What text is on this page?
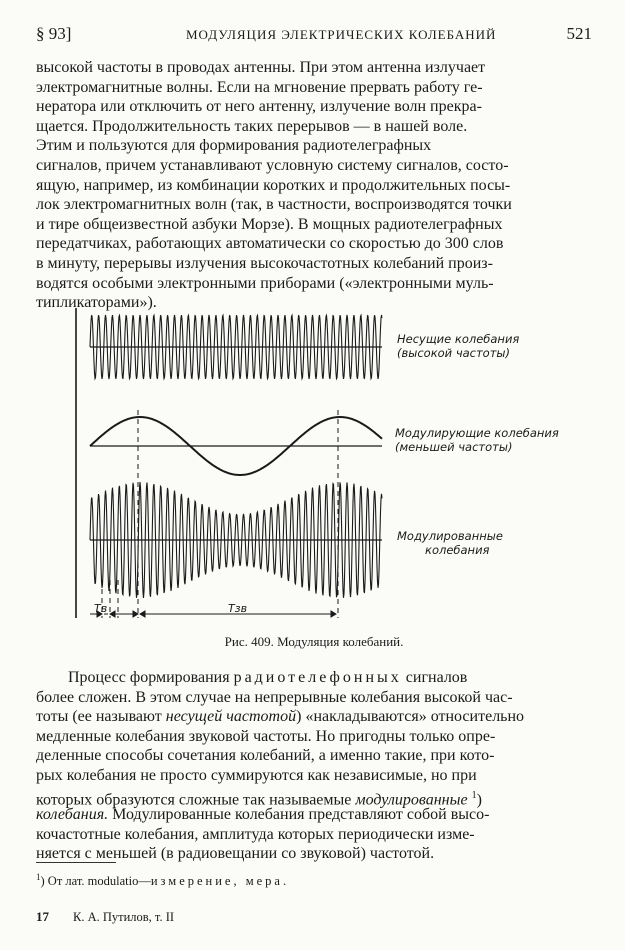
§ 93]	МОДУЛЯЦИЯ ЭЛЕКТРИЧЕСКИХ КОЛЕБАНИЙ	521
высокой частоты в проводах антенны. При этом антенна излучает
электромагнитные волны. Если на мгновение прервать работу ге-
нератора или отключить от него антенну, излучение волн прекра-
щается. Продолжительность таких перерывов — в нашей воле.
Этим и пользуются для формирования радиотелеграфных
сигналов, причем устанавливают условную систему сигналов, состо-
ящую, например, из комбинации коротких и продолжительных посы-
лок электромагнитных волн (так, в частности, воспроизводятся точки
и тире общеизвестной азбуки Морзе). В мощных радиотелеграфных
передатчиках, работающих автоматически со скоростью до 300 слов
в минуту, перерывы излучения высокочастотных колебаний произ-
водятся особыми электронными приборами («электронными муль-
типликаторами»).
Несущие колебания
(высокой частоты)
Модулирующие колебания
(меньшей частоты)
Модулированные
колебания
Tв	Tзв
Рис. 409. Модуляция колебаний.
Процесс формирования радиотелефонных сигналов
более сложен. В этом случае на непрерывные колебания высокой час-
тоты (ее называют несущей частотой) «накладываются» относительно
медленные колебания звуковой частоты. Но пригодны только опре-
деленные способы сочетания колебаний, а именно такие, при кото-
рых колебания не просто суммируются как независимые, но при
которых образуются сложные так называемые модулированные $^1$)
колебания. Модулированные колебания представляют собой высо-
кочастотные колебания, амплитуда которых периодически изме-
няется с меньшей (в радиовещании со звуковой) частотой.
$^1$) От лат. modulatio—измерение, мера.
17 К. А. Путилов, т. II
